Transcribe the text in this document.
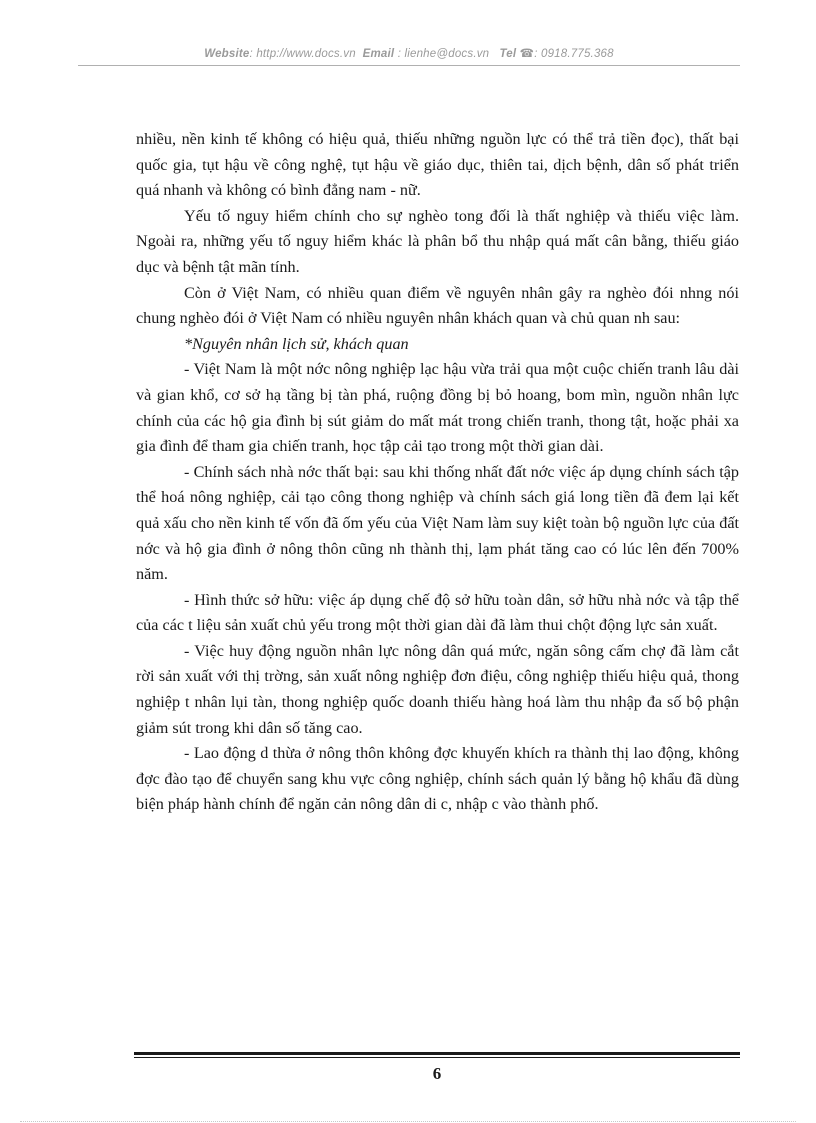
Website: http://www.docs.vn Email : lienhe@docs.vn Tel ☎: 0918.775.368

nhiều, nền kinh tế không có hiệu quả, thiếu những nguồn lực có thể trả tiền đọc), thất bại quốc gia, tụt hậu về công nghệ, tụt hậu về giáo dục, thiên tai, dịch bệnh, dân số phát triển quá nhanh và không có bình đẳng nam - nữ.

Yếu tố nguy hiểm chính cho sự nghèo tong đối là thất nghiệp và thiếu việc làm. Ngoài ra, những yếu tố nguy hiểm khác là phân bổ thu nhập quá mất cân bằng, thiếu giáo dục và bệnh tật mãn tính.

Còn ở Việt Nam, có nhiều quan điểm về nguyên nhân gây ra nghèo đói nhng nói chung nghèo đói ở Việt Nam có nhiều nguyên nhân khách quan và chủ quan nh sau:

*Nguyên nhân lịch sử, khách quan

- Việt Nam là một nớc nông nghiệp lạc hậu vừa trải qua một cuộc chiến tranh lâu dài và gian khổ, cơ sở hạ tầng bị tàn phá, ruộng đồng bị bỏ hoang, bom mìn, nguồn nhân lực chính của các hộ gia đình bị sút giảm do mất mát trong chiến tranh, thong tật, hoặc phải xa gia đình để tham gia chiến tranh, học tập cải tạo trong một thời gian dài.

- Chính sách nhà nớc thất bại: sau khi thống nhất đất nớc việc áp dụng chính sách tập thể hoá nông nghiệp, cải tạo công thong nghiệp và chính sách giá long tiền đã đem lại kết quả xấu cho nền kinh tế vốn đã ốm yếu của Việt Nam làm suy kiệt toàn bộ nguồn lực của đất nớc và hộ gia đình ở nông thôn cũng nh thành thị, lạm phát tăng cao có lúc lên đến 700% năm.

- Hình thức sở hữu: việc áp dụng chế độ sở hữu toàn dân, sở hữu nhà nớc và tập thể của các t liệu sản xuất chủ yếu trong một thời gian dài đã làm thui chột động lực sản xuất.

- Việc huy động nguồn nhân lực nông dân quá mức, ngăn sông cấm chợ đã làm cắt rời sản xuất với thị trờng, sản xuất nông nghiệp đơn điệu, công nghiệp thiếu hiệu quả, thong nghiệp t nhân lụi tàn, thong nghiệp quốc doanh thiếu hàng hoá làm thu nhập đa số bộ phận giảm sút trong khi dân số tăng cao.

- Lao động d thừa ở nông thôn không đợc khuyến khích ra thành thị lao động, không đợc đào tạo để chuyển sang khu vực công nghiệp, chính sách quản lý bằng hộ khẩu đã dùng biện pháp hành chính để ngăn cản nông dân di c, nhập c vào thành phố.

6
